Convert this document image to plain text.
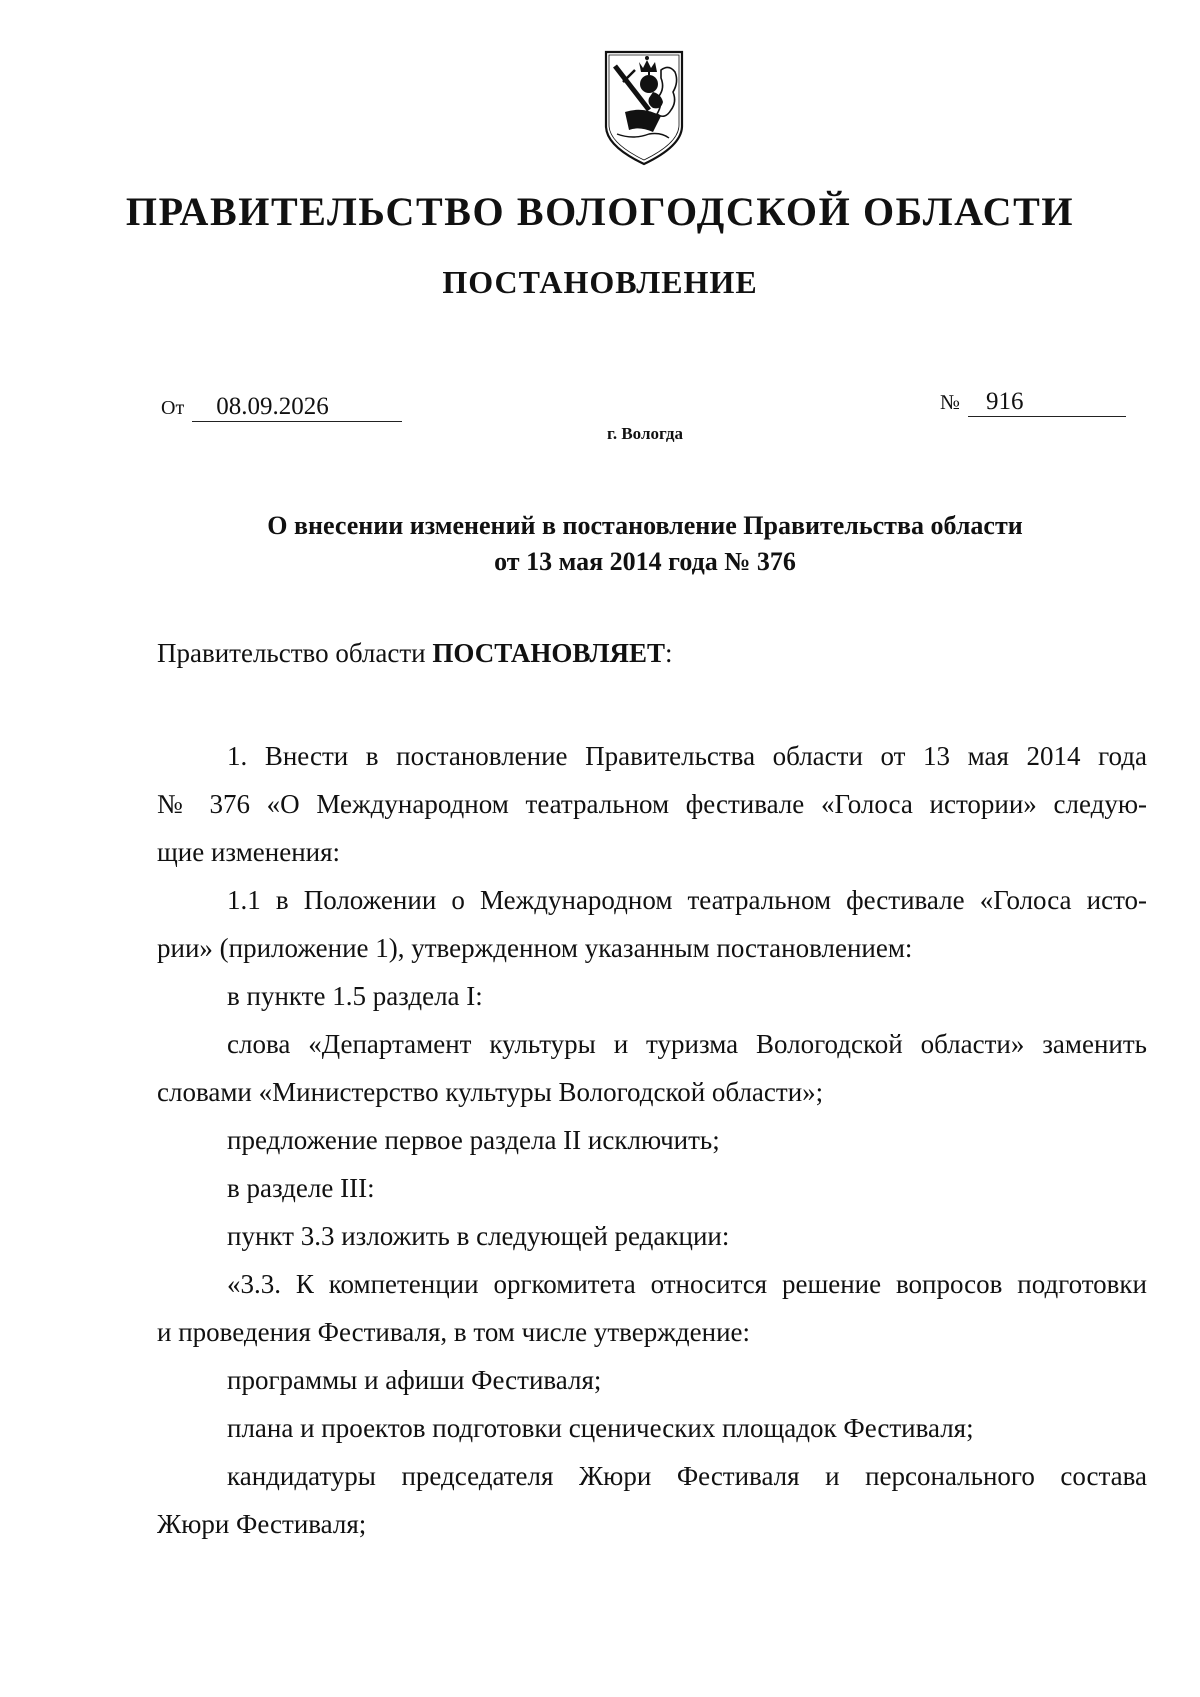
ПРАВИТЕЛЬСТВО ВОЛОГОДСКОЙ ОБЛАСТИ
ПОСТАНОВЛЕНИЕ
От 08.09.2026	№ 916
г. Вологда
О внесении изменений в постановление Правительства области
от 13 мая 2014 года № 376
Правительство области ПОСТАНОВЛЯЕТ:

1. Внести в постановление Правительства области от 13 мая 2014 года

№ 376 «О Международном театральном фестивале «Голоса истории» следую-

щие изменения:

1.1 в Положении о Международном театральном фестивале «Голоса исто-

рии» (приложение 1), утвержденном указанным постановлением:

в пункте 1.5 раздела I:

слова «Департамент культуры и туризма Вологодской области» заменить

словами «Министерство культуры Вологодской области»;

предложение первое раздела II исключить;

в разделе III:

пункт 3.3 изложить в следующей редакции:

«3.3. К компетенции оргкомитета относится решение вопросов подготовки

и проведения Фестиваля, в том числе утверждение:

программы и афиши Фестиваля;

плана и проектов подготовки сценических площадок Фестиваля;

кандидатуры председателя Жюри Фестиваля и персонального состава

Жюри Фестиваля;
